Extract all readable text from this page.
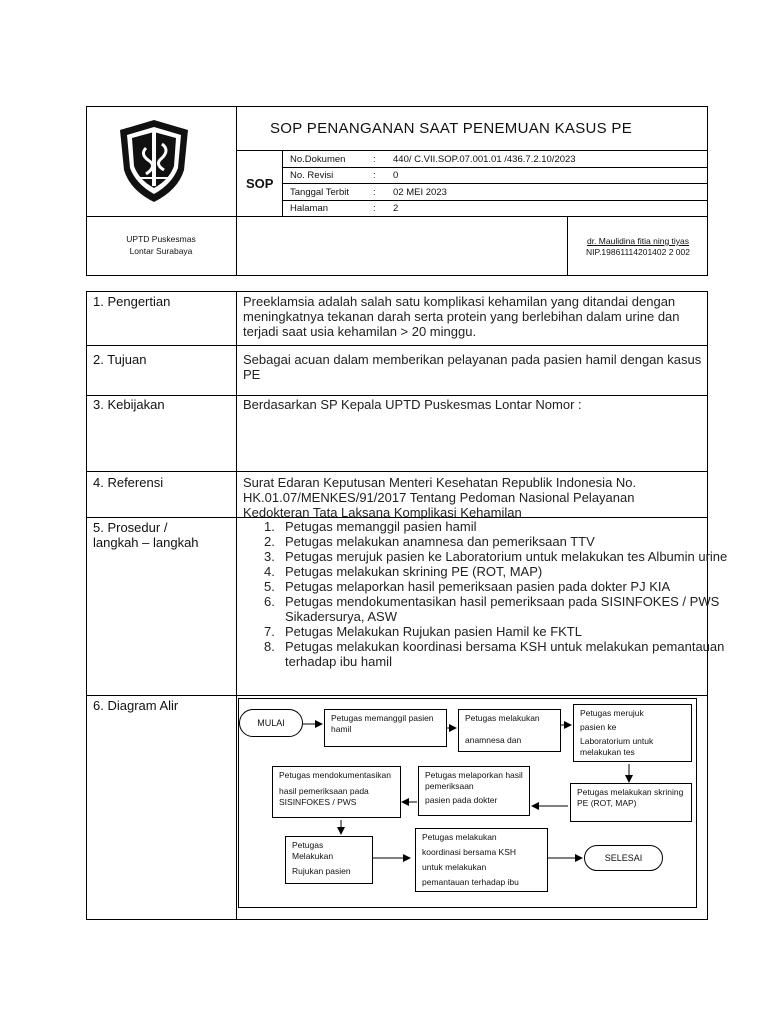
SOP PENANGANAN SAAT PENEMUAN KASUS PE
SOP
No.Dokumen	: 440/ C.VII.SOP.07.001.01 /436.7.2.10/2023
No. Revisi	: 0
Tanggal Terbit	: 02 MEI 2023
Halaman	: 2
UPTD Puskesmas
Lontar Surabaya
dr. Maulidina fitia ning tiyas
NIP.19861114201402 2 002
1. Pengertian	Preeklamsia adalah salah satu komplikasi kehamilan yang ditandai dengan meningkatnya tekanan darah serta protein yang berlebihan dalam urine dan terjadi saat usia kehamilan > 20 minggu.
2. Tujuan	Sebagai acuan dalam memberikan pelayanan pada pasien hamil dengan kasus PE
3. Kebijakan	Berdasarkan SP Kepala UPTD Puskesmas Lontar Nomor :
4. Referensi	Surat Edaran Keputusan Menteri Kesehatan Republik Indonesia No. HK.01.07/MENKES/91/2017 Tentang Pedoman Nasional Pelayanan Kedokteran Tata Laksana Komplikasi Kehamilan
5. Prosedur /
langkah – langkah
1. Petugas memanggil pasien hamil
2. Petugas melakukan anamnesa dan pemeriksaan TTV
3. Petugas merujuk pasien ke Laboratorium untuk melakukan tes Albumin urine
4. Petugas melakukan skrining PE (ROT, MAP)
5. Petugas melaporkan hasil pemeriksaan pasien pada dokter PJ KIA
6. Petugas mendokumentasikan hasil pemeriksaan pada SISINFOKES / PWS Sikadersurya, ASW
7. Petugas Melakukan Rujukan pasien Hamil ke FKTL
8. Petugas melakukan koordinasi bersama KSH untuk melakukan pemantauan terhadap ibu hamil
6. Diagram Alir
MULAI	Petugas memanggil pasien hamil
Petugas melakukan
anamnesa dan
Petugas merujuk
pasien ke
Laboratorium untuk melakukan tes
Petugas melakukan skrining PE (ROT, MAP)
Petugas melaporkan hasil pemeriksaan
pasien pada dokter
Petugas mendokumentasikan
hasil pemeriksaan pada SISINFOKES / PWS
Petugas Melakukan
Rujukan pasien
Petugas melakukan
koordinasi bersama KSH
untuk melakukan
pemantauan terhadap ibu
SELESAI
